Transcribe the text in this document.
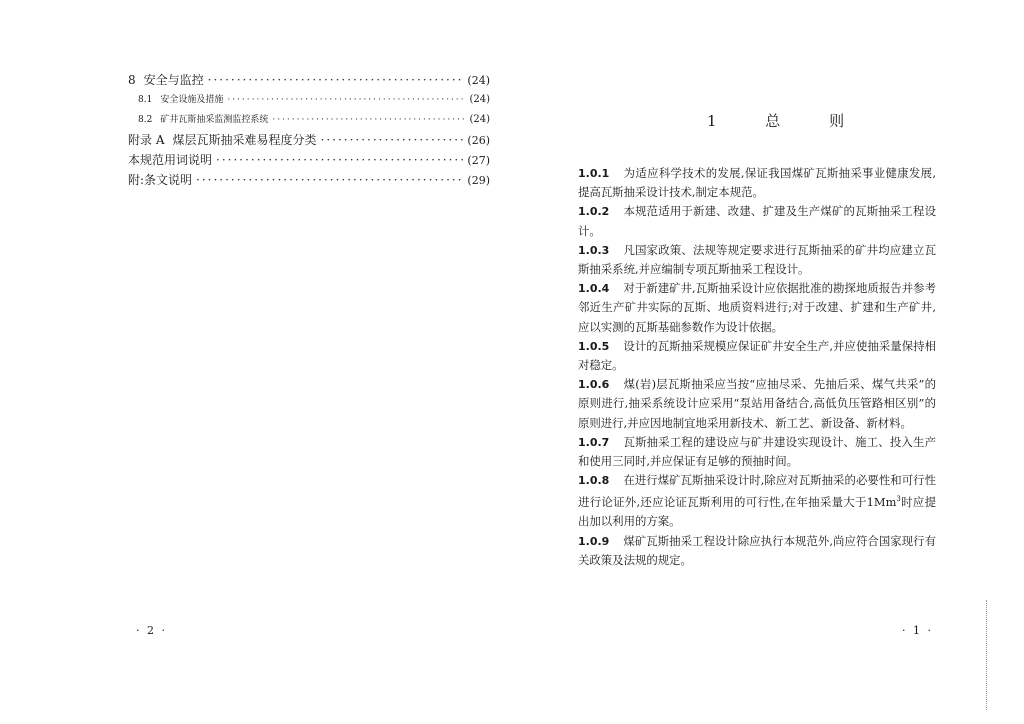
8 安全与监控 ·····	(24)
8.1 安全设施及措施 ·····	(24)
8.2 矿井瓦斯抽采监测监控系统 ·····	(24)
附录 A 煤层瓦斯抽采难易程度分类 ·····	(26)
本规范用词说明 ·····	(27)
附:条文说明 ·····	(29)
· 2 ·
1 总 则

1.0.1 为适应科学技术的发展,保证我国煤矿瓦斯抽采事业健康发展,提高瓦斯抽采设计技术,制定本规范。

1.0.2 本规范适用于新建、改建、扩建及生产煤矿的瓦斯抽采工程设计。

1.0.3 凡国家政策、法规等规定要求进行瓦斯抽采的矿井均应建立瓦斯抽采系统,并应编制专项瓦斯抽采工程设计。

1.0.4 对于新建矿井,瓦斯抽采设计应依据批准的勘探地质报告并参考邻近生产矿井实际的瓦斯、地质资料进行;对于改建、扩建和生产矿井,应以实测的瓦斯基础参数作为设计依据。

1.0.5 设计的瓦斯抽采规模应保证矿井安全生产,并应使抽采量保持相对稳定。

1.0.6 煤(岩)层瓦斯抽采应当按“应抽尽采、先抽后采、煤气共采”的原则进行,抽采系统设计应采用“泵站用备结合,高低负压管路相区别”的原则进行,并应因地制宜地采用新技术、新工艺、新设备、新材料。

1.0.7 瓦斯抽采工程的建设应与矿井建设实现设计、施工、投入生产和使用三同时,并应保证有足够的预抽时间。

1.0.8 在进行煤矿瓦斯抽采设计时,除应对瓦斯抽采的必要性和可行性进行论证外,还应论证瓦斯利用的可行性,在年抽采量大于1Mm$^3$时应提出加以利用的方案。

1.0.9 煤矿瓦斯抽采工程设计除应执行本规范外,尚应符合国家现行有关政策及法规的规定。

· 1 ·
